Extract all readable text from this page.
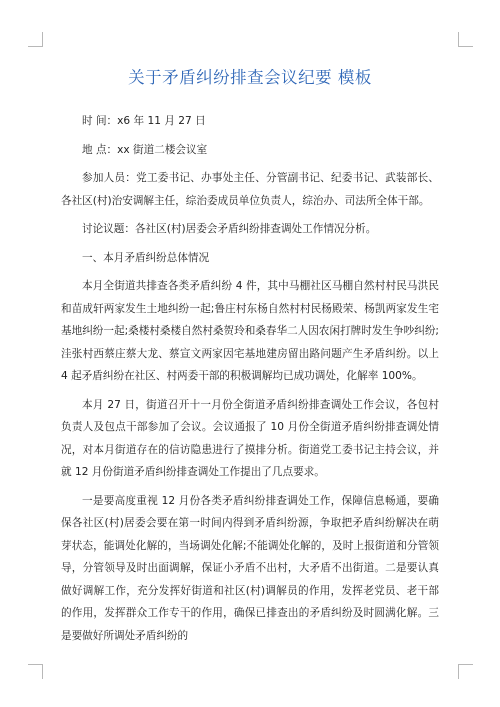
关于矛盾纠纷排查会议纪要 模板

时 间：x6 年 11 月 27 日

地 点：xx 街道二楼会议室

参加人员：党工委书记、办事处主任、分管副书记、纪委书记、武装部长、各社区(村)治安调解主任，综治委成员单位负责人，综治办、司法所全体干部。

讨论议题：各社区(村)居委会矛盾纠纷排查调处工作情况分析。

一、本月矛盾纠纷总体情况

本月全街道共排查各类矛盾纠纷 4 件，其中马棚社区马棚自然村村民马洪民和苗成轩两家发生土地纠纷一起;鲁庄村东杨自然村村民杨殿荣、杨凯两家发生宅基地纠纷一起;桑楼村桑楼自然村桑贺玲和桑春华二人因农闲打牌时发生争吵纠纷;洼张村西蔡庄蔡大龙、蔡宣文两家因宅基地建房留出路问题产生矛盾纠纷。以上 4 起矛盾纠纷在社区、村两委干部的积极调解均已成功调处，化解率 100%。

本月 27 日，街道召开十一月份全街道矛盾纠纷排查调处工作会议，各包村负责人及包点干部参加了会议。会议通报了 10 月份全街道矛盾纠纷排查调处情况，对本月街道存在的信访隐患进行了摸排分析。街道党工委书记主持会议，并就 12 月份街道矛盾纠纷排查调处工作提出了几点要求。

一是要高度重视 12 月份各类矛盾纠纷排查调处工作，保障信息畅通，要确保各社区(村)居委会要在第一时间内得到矛盾纠纷源，争取把矛盾纠纷解决在萌芽状态，能调处化解的，当场调处化解;不能调处化解的，及时上报街道和分管领导，分管领导及时出面调解，保证小矛盾不出村，大矛盾不出街道。二是要认真做好调解工作，充分发挥好街道和社区(村)调解员的作用，发挥老党员、老干部的作用，发挥群众工作专干的作用，确保已排查出的矛盾纠纷及时圆满化解。三是要做好所调处矛盾纠纷的
